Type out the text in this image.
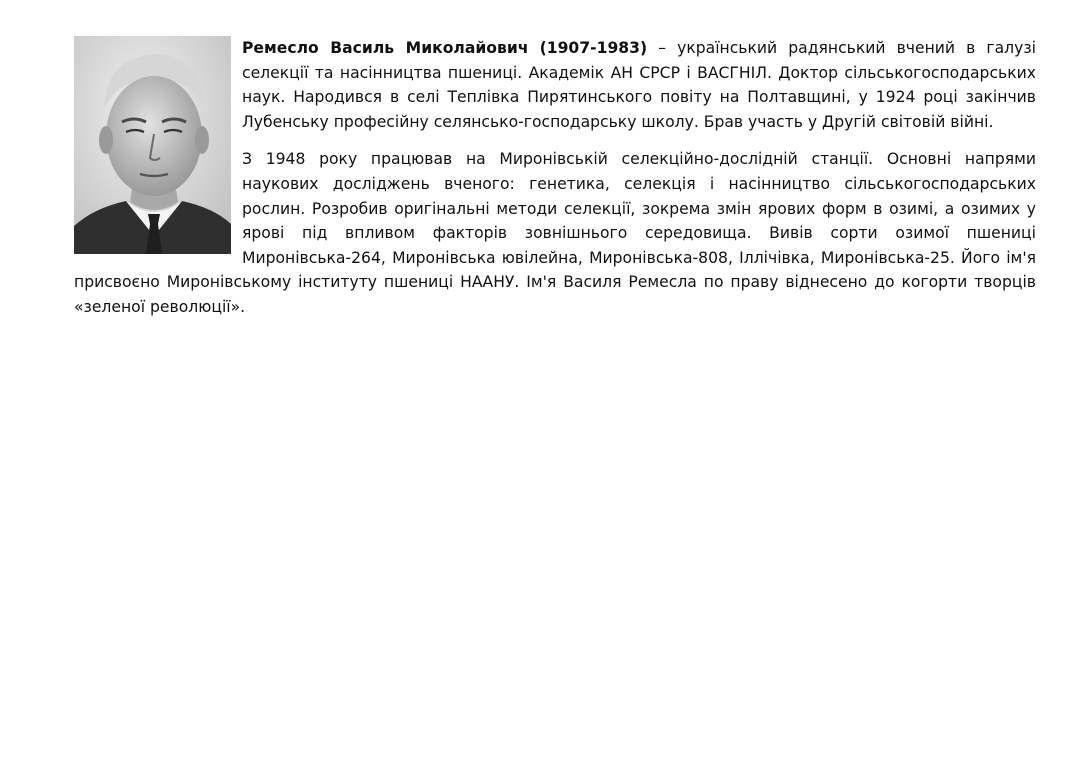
Ремесло Василь Миколайович (1907-1983) – український радянський вчений в галузі селекції та насінництва пшениці. Академік АН СРСР і ВАСГНІЛ. Доктор сільськогосподарських наук. Народився в селі Теплівка Пирятинського повіту на Полтавщині, у 1924 році закінчив Лубенську професійну селянсько-господарську школу. Брав участь у Другій світовій війні.

З 1948 року працював на Миронівській селекційно-дослідній станції. Основні напрями наукових досліджень вченого: генетика, селекція і насінництво сільськогосподарських рослин. Розробив оригінальні методи селекції, зокрема змін ярових форм в озимі, а озимих у ярові під впливом факторів зовнішнього середовища. Вивів сорти озимої пшениці Миронівська-264, Миронівська ювілейна, Миронівська-808, Іллічівка, Миронівська-25. Його ім'я присвоєно Миронівському інституту пшениці НААНУ. Ім'я Василя Ремесла по праву віднесено до когорти творців «зеленої революції».
